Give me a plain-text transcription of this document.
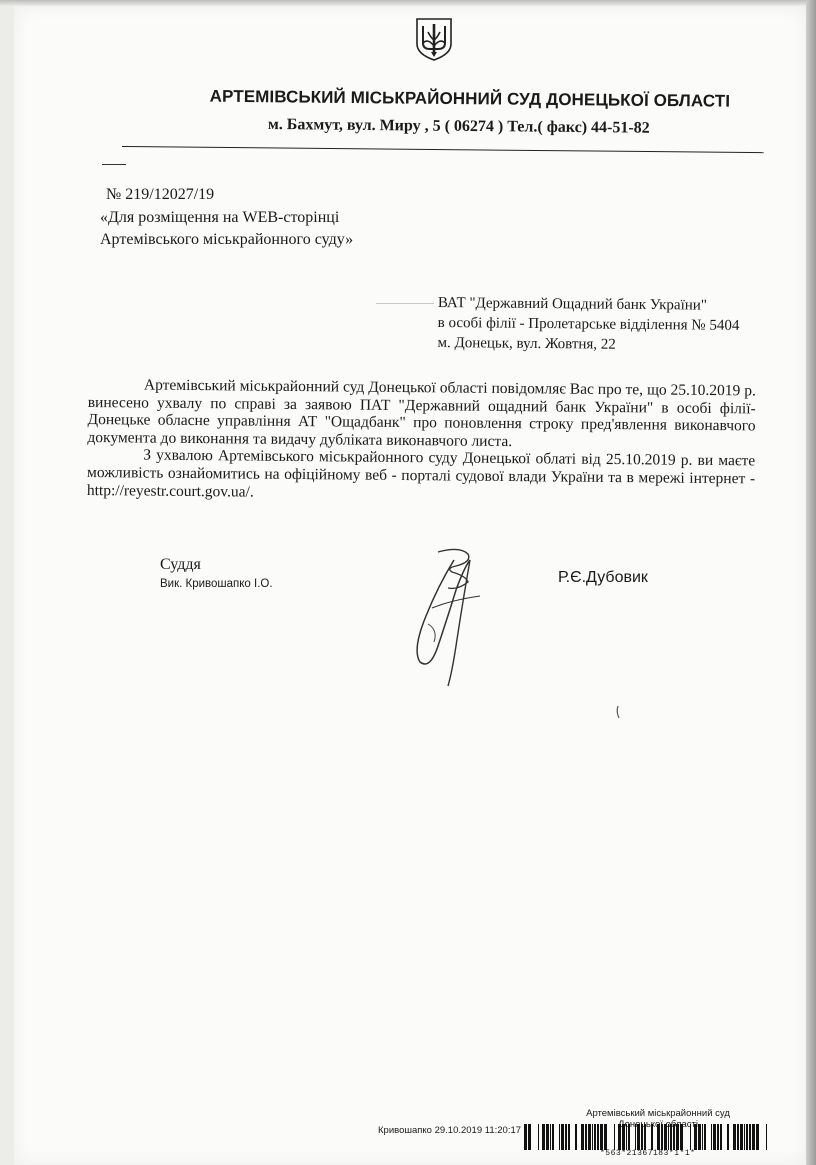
АРТЕМІВСЬКИЙ МІСЬКРАЙОННИЙ СУД ДОНЕЦЬКОЇ ОБЛАСТІ
м. Бахмут, вул. Миру , 5 ( 06274 ) Тел.( факс) 44-51-82
№ 219/12027/19
«Для розміщення на WEB-сторінці
Артемівського міськрайонного суду»
ВАТ "Державний Ощадний банк України"
в особі філії - Пролетарське відділення № 5404
м. Донецьк, вул. Жовтня, 22

Артемівський міськрайонний суд Донецької області повідомляє Вас про те, що 25.10.2019 р. винесено ухвалу по справі за заявою ПАТ "Державний ощадний банк України" в особі філії- Донецьке обласне управління АТ "Ощадбанк" про поновлення строку пред'явлення виконавчого документа до виконання та видачу дубліката виконавчого листа.

З ухвалою Артемівського міськрайонного суду Донецької облаті від 25.10.2019 р. ви маєте можливість ознайомитись на офіційному веб - порталі судової влади України та в мережі інтернет - http://reyestr.court.gov.ua/.

Суддя
Вик. Кривошапко І.О.	Р.Є.Дубовик
Артемівський міськрайонний суд
Донецької
Кривошапко 29.10.2019 11:20:17
*563*21367183*1*1*
